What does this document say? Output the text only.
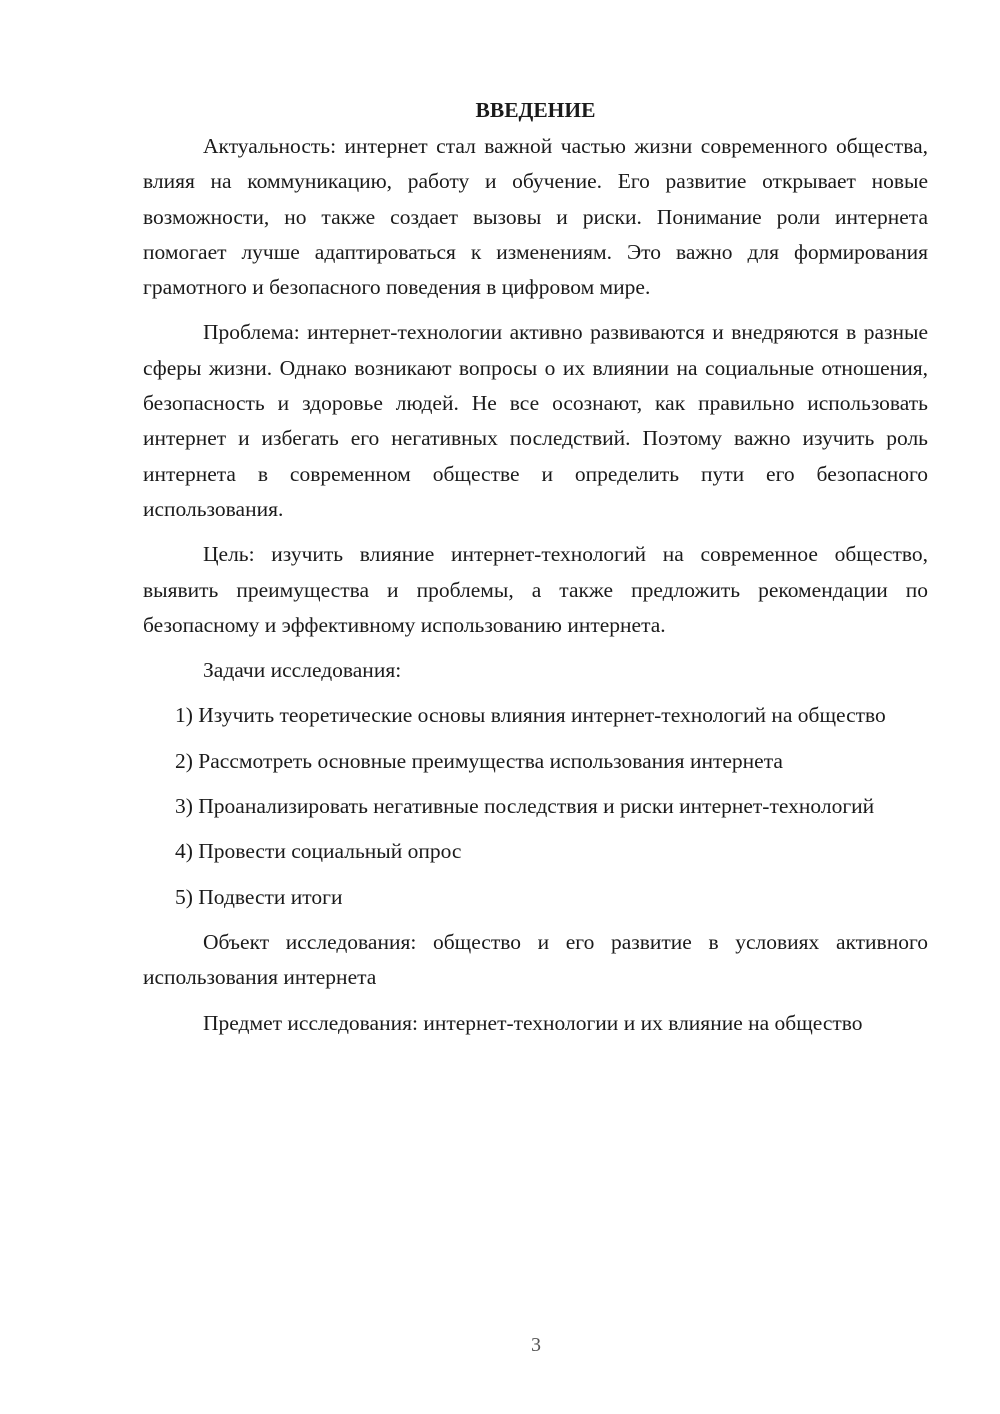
ВВЕДЕНИЕ

Актуальность: интернет стал важной частью жизни современного общества, влияя на коммуникацию, работу и обучение. Его развитие открывает новые возможности, но также создает вызовы и риски. Понимание роли интернета помогает лучше адаптироваться к изменениям. Это важно для формирования грамотного и безопасного поведения в цифровом мире.

Проблема: интернет-технологии активно развиваются и внедряются в разные сферы жизни. Однако возникают вопросы о их влиянии на социальные отношения, безопасность и здоровье людей. Не все осознают, как правильно использовать интернет и избегать его негативных последствий. Поэтому важно изучить роль интернета в современном обществе и определить пути его безопасного использования.

Цель: изучить влияние интернет-технологий на современное общество, выявить преимущества и проблемы, а также предложить рекомендации по безопасному и эффективному использованию интернета.

Задачи исследования:

1) Изучить теоретические основы влияния интернет-технологий на общество

2) Рассмотреть основные преимущества использования интернета

3) Проанализировать негативные последствия и риски интернет-технологий

4) Провести социальный опрос

5) Подвести итоги

Объект исследования: общество и его развитие в условиях активного использования интернета

Предмет исследования: интернет-технологии и их влияние на общество

3
